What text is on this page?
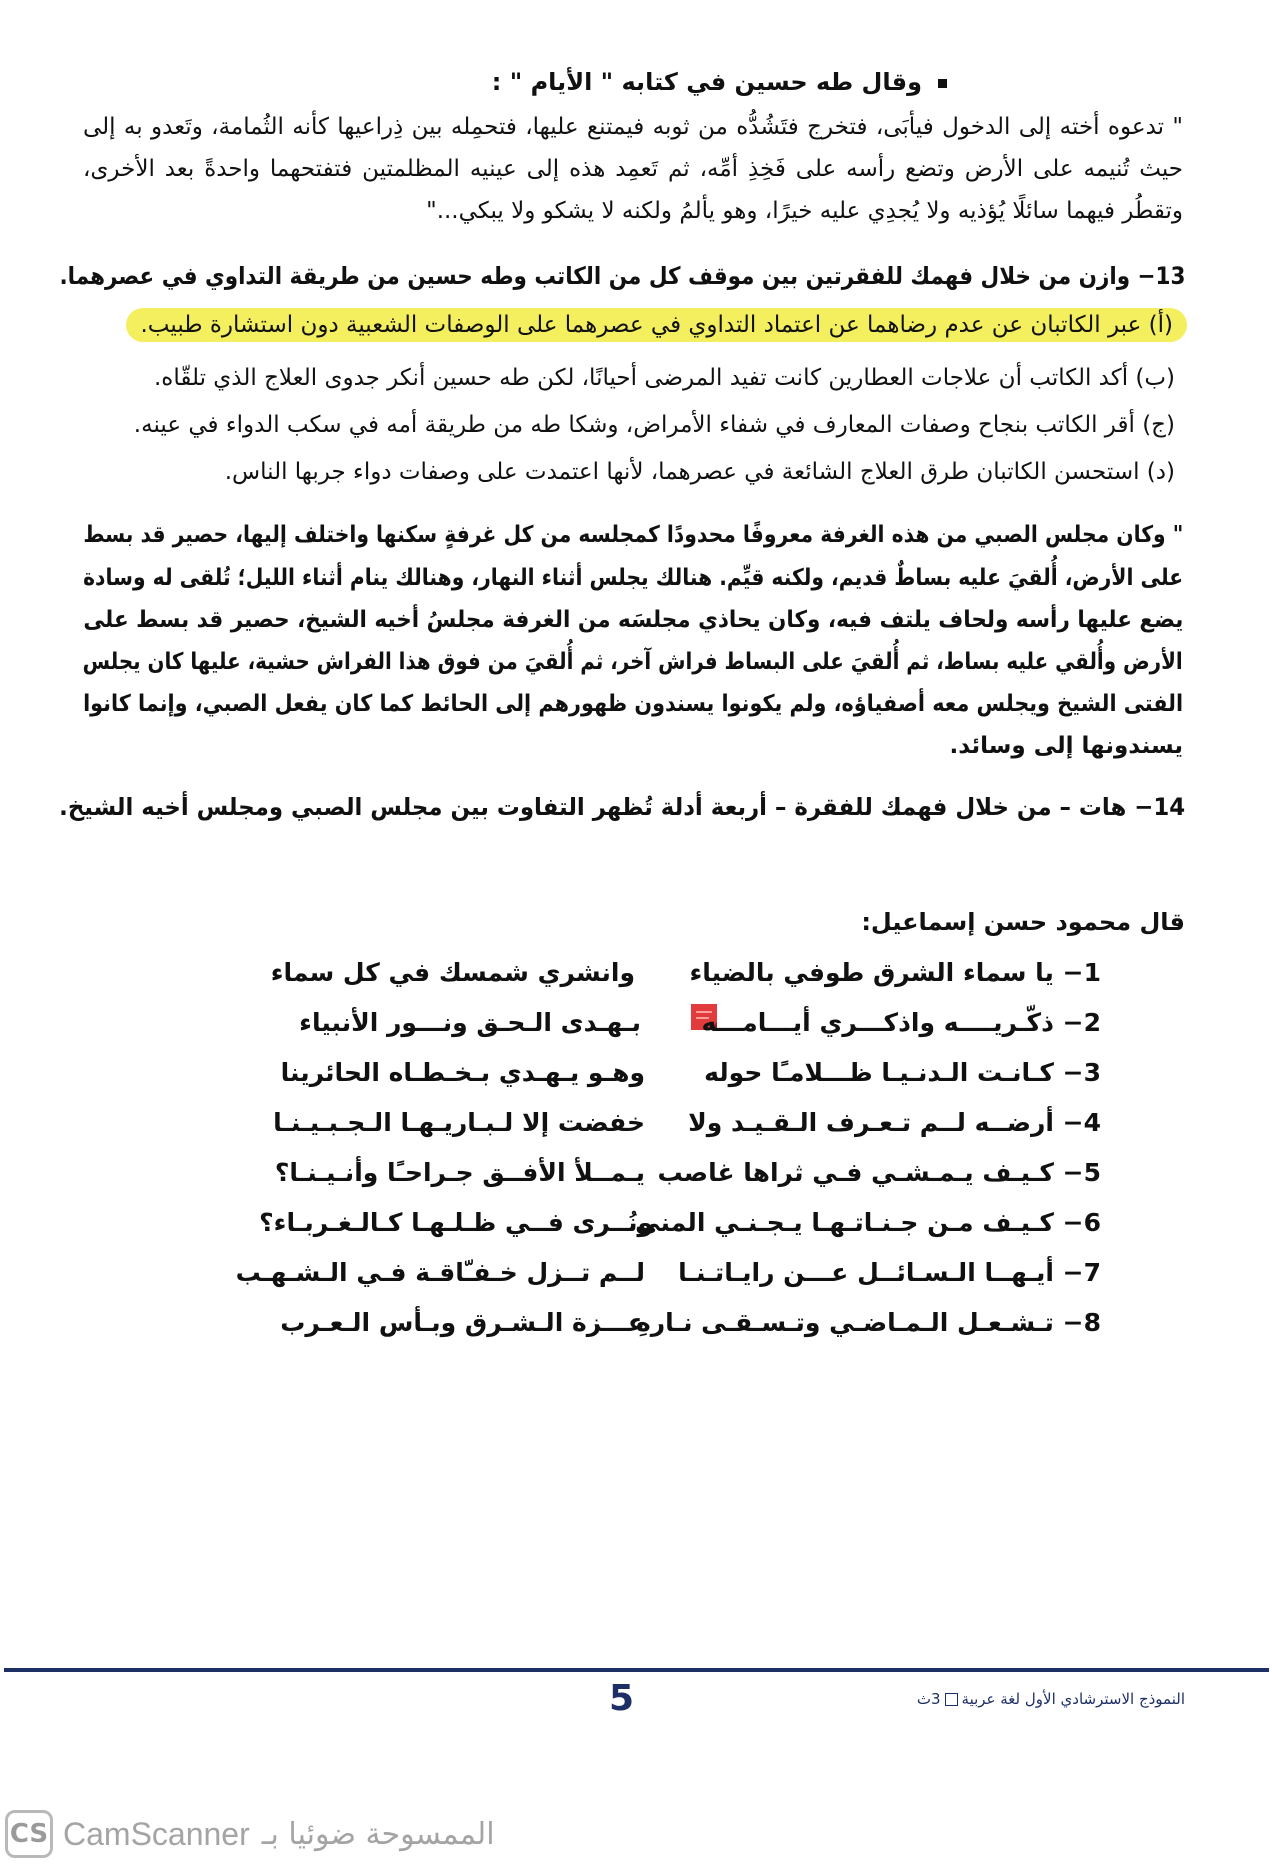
وقال طه حسين في كتابه " الأيام " :
" تدعوه أخته إلى الدخول فيأبَى، فتخرج فتَشُدُّه من ثوبه فيمتنع عليها، فتحمِله بين ذِراعيها كأنه الثُمامة، وتَعدو به إلى
حيث تُنيمه على الأرض وتضع رأسه على فَخِذِ أمِّه، ثم تَعمِد هذه إلى عينيه المظلمتين فتفتحهما واحدةً بعد الأخرى،
وتقطُر فيهما سائلًا يُؤذيه ولا يُجدِي عليه خيرًا، وهو يألمُ ولكنه لا يشكو ولا يبكي..."
13− وازن من خلال فهمك للفقرتين بين موقف كل من الكاتب وطه حسين من طريقة التداوي في عصرهما.
(أ) عبر الكاتبان عن عدم رضاهما عن اعتماد التداوي في عصرهما على الوصفات الشعبية دون استشارة طبيب.
(ب) أكد الكاتب أن علاجات العطارين كانت تفيد المرضى أحيانًا، لكن طه حسين أنكر جدوى العلاج الذي تلقّاه.
(ج) أقر الكاتب بنجاح وصفات المعارف في شفاء الأمراض، وشكا طه من طريقة أمه في سكب الدواء في عينه.
(د) استحسن الكاتبان طرق العلاج الشائعة في عصرهما، لأنها اعتمدت على وصفات دواء جربها الناس.
" وكان مجلس الصبي من هذه الغرفة معروفًا محدودًا كمجلسه من كل غرفةٍ سكنها واختلف إليها، حصير قد بسط
على الأرض، أُلقيَ عليه بساطٌ قديم، ولكنه قيِّم. هنالك يجلس أثناء النهار، وهنالك ينام أثناء الليل؛ تُلقى له وسادة
يضع عليها رأسه ولحاف يلتف فيه، وكان يحاذي مجلسَه من الغرفة مجلسُ أخيه الشيخ، حصير قد بسط على
الأرض وأُلقي عليه بساط، ثم أُلقيَ على البساط فراش آخر، ثم أُلقيَ من فوق هذا الفراش حشية، عليها كان يجلس
الفتى الشيخ ويجلس معه أصفياؤه، ولم يكونوا يسندون ظهورهم إلى الحائط كما كان يفعل الصبي، وإنما كانوا
يسندونها إلى وسائد.
14− هات – من خلال فهمك للفقرة – أربعة أدلة تُظهر التفاوت بين مجلس الصبي ومجلس أخيه الشيخ.
قال محمود حسن إسماعيل:
1− يا سماء الشرق طوفي بالضياء
وانشري شمسك في كل سماء
2− ذكّـريــــه واذكـــري أيـــامـــه
بـهـدى الـحـق ونـــور الأنبياء
3− كـانـت الـدنـيـا ظـــلامـًا حوله
وهـو يـهـدي بـخـطـاه الحائرينا
4− أرضــه لــم تـعـرف الـقـيـد ولا
خفضت إلا لـبـاريـهـا الـجـبـيـنـا
5− كـيـف يـمـشـي فـي ثراها غاصب
يـمــلأ الأفــق جـراحـًا وأنـيـنـا؟
6− كـيـف مـن جـنـاتـهـا يـجـنـي المنى
ونُــرى فــي ظـلـهـا كـالـغـربـاء؟
7− أيـهــا الـسـائــل عـــن رايـاتـنـا
لــم تــزل خـفـّاقـة فـي الـشـهـب
8− تـشـعـل الـمـاضـي وتـسـقـى نـارهِ
عـــزة الـشـرق وبـأس الـعـرب
5	النموذج الاسترشادي الأول لغة عربية3ث
CS CamScanner الممسوحة ضوئيا بـ
